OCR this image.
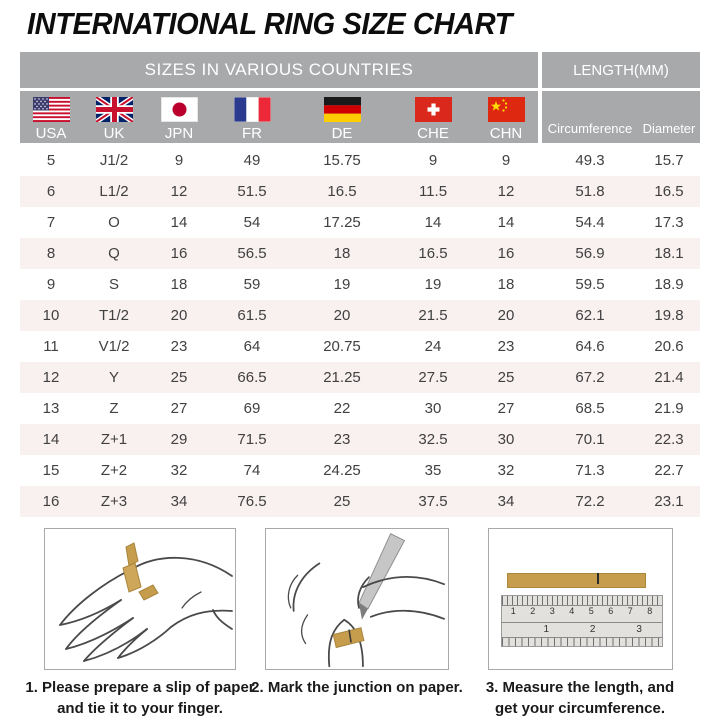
INTERNATIONAL RING SIZE CHART
SIZES IN VARIOUS COUNTRIES	LENGTH(MM)
USA UK	JPN	FR	DE	CHE	CHN	Circumference Diameter
5	J1/2	9	49	15.75	9	9	49.3	15.7
6	L1/2	12	51.5	16.5	11.5	12	51.8	16.5
7	O	14	54	17.25	14	14	54.4	17.3
8	Q	16	56.5	18	16.5	16	56.9	18.1
9	S	18	59	19	19	18	59.5	18.9
10	T1/2	20	61.5	20	21.5	20	62.1	19.8
11	V1/2	23	64	20.75	24	23	64.6	20.6
12	Y	25	66.5	21.25	27.5	25	67.2	21.4
13	Z	27	69	22	30	27	68.5	21.9
14	Z+1	29	71.5	23	32.5	30	70.1	22.3
15	Z+2	32	74	24.25	35	32	71.3	22.7
16	Z+3	34	76.5	25	37.5	34	72.2	23.1
1. Please prepare a slip of paper
and tie it to your finger.
2. Mark the junction on paper.
1	2	3	4	5	6	7	8
1	2	3
3. Measure the length, and
get your circumference.
